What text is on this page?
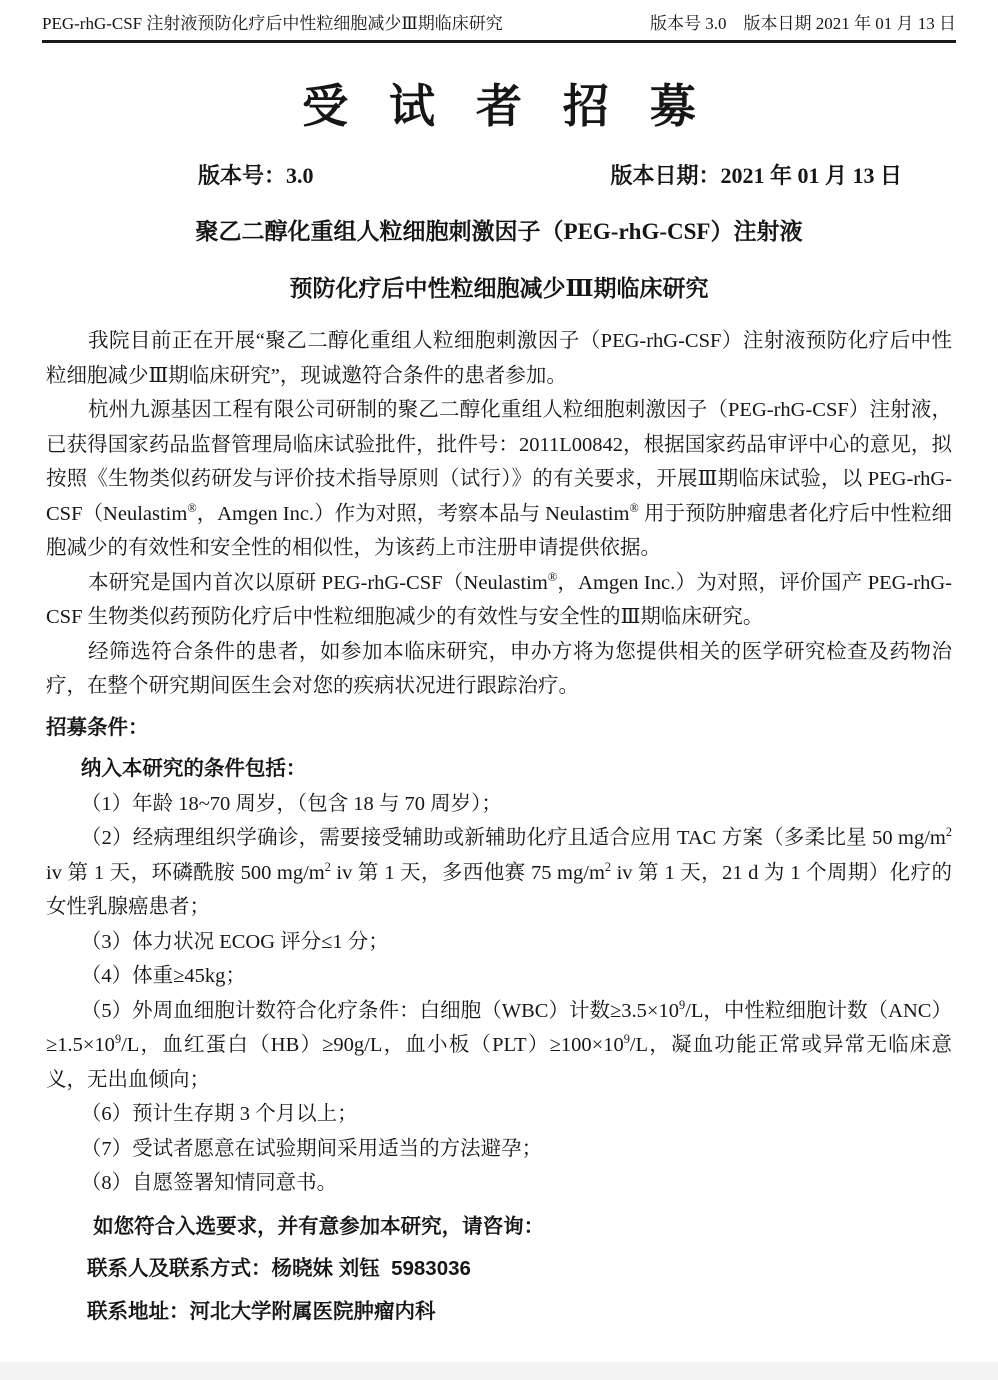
PEG-rhG-CSF 注射液预防化疗后中性粒细胞减少Ⅲ期临床研究	版本号 3.0　版本日期 2021 年 01 月 13 日
受 试 者 招 募
版本号：3.0	版本日期：2021 年 01 月 13 日
聚乙二醇化重组人粒细胞刺激因子（PEG-rhG-CSF）注射液
预防化疗后中性粒细胞减少Ⅲ期临床研究

我院目前正在开展“聚乙二醇化重组人粒细胞刺激因子（PEG-rhG-CSF）注射液预防化疗后中性粒细胞减少Ⅲ期临床研究”，现诚邀符合条件的患者参加。

杭州九源基因工程有限公司研制的聚乙二醇化重组人粒细胞刺激因子（PEG-rhG-CSF）注射液，已获得国家药品监督管理局临床试验批件，批件号：2011L00842，根据国家药品审评中心的意见，拟按照《生物类似药研发与评价技术指导原则（试行）》的有关要求，开展Ⅲ期临床试验，以 PEG-rhG-CSF（Neulastim®，Amgen Inc.）作为对照，考察本品与 Neulastim® 用于预防肿瘤患者化疗后中性粒细胞减少的有效性和安全性的相似性，为该药上市注册申请提供依据。

本研究是国内首次以原研 PEG-rhG-CSF（Neulastim®，Amgen Inc.）为对照，评价国产 PEG-rhG-CSF 生物类似药预防化疗后中性粒细胞减少的有效性与安全性的Ⅲ期临床研究。

经筛选符合条件的患者，如参加本临床研究，申办方将为您提供相关的医学研究检查及药物治疗，在整个研究期间医生会对您的疾病状况进行跟踪治疗。

招募条件：

纳入本研究的条件包括：

（1）年龄 18~70 周岁，（包含 18 与 70 周岁）；

（2）经病理组织学确诊，需要接受辅助或新辅助化疗且适合应用 TAC 方案（多柔比星 50 $mg/m^2$ iv 第 1 天，环磷酰胺 500 $mg/m^2$ iv 第 1 天，多西他赛 75 $mg/m^2$ iv 第 1 天，21 d 为 1 个周期）化疗的女性乳腺癌患者；

（3）体力状况 ECOG 评分≤1 分；

（4）体重≥45kg；

（5）外周血细胞计数符合化疗条件：白细胞（WBC）计数$\ge 3.5\times 10^9/L$，中性粒细胞计数$(ANC)\ge 1.5\times 10^9/L$，血红蛋白（HB）≥90g/L，血小板$(PLT)\ge 100\times 10^9/L$，凝血功能正常或异常无临床意义，无出血倾向；

（6）预计生存期 3 个月以上；

（7）受试者愿意在试验期间采用适当的方法避孕；

（8）自愿签署知情同意书。

如您符合入选要求，并有意参加本研究，请咨询：

联系人及联系方式：杨晓妹 刘钰  5983036

联系地址：河北大学附属医院肿瘤内科
